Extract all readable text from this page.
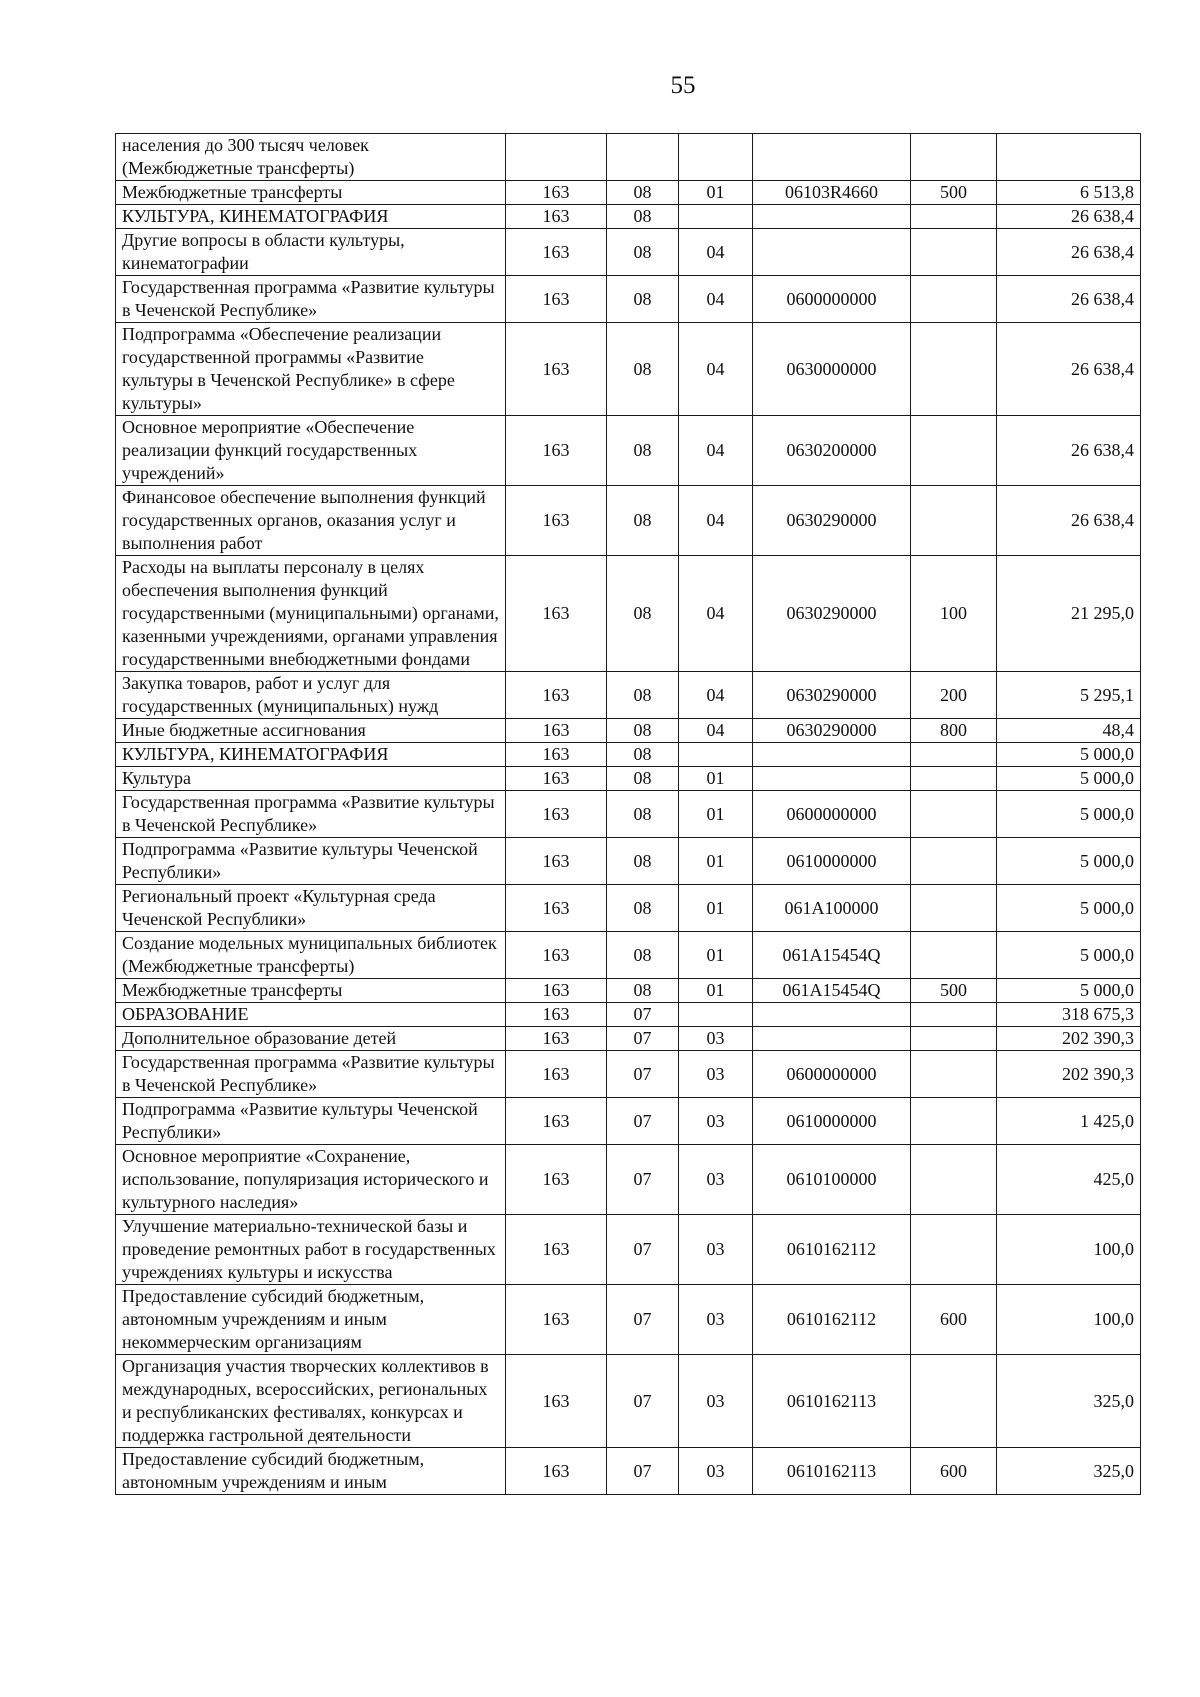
55
населения до 300 тысяч человек (Межбюджетные трансферты)						
Межбюджетные трансферты	163	08	01	06103R4660	500	6 513,8
КУЛЬТУРА, КИНЕМАТОГРАФИЯ	163	08				26 638,4
Другие вопросы в области культуры, кинематографии	163	08	04			26 638,4
Государственная программа «Развитие культуры в Чеченской Республике»	163	08	04	0600000000		26 638,4
Подпрограмма «Обеспечение реализации государственной программы «Развитие культуры в Чеченской Республике» в сфере культуры»	163	08	04	0630000000		26 638,4
Основное мероприятие «Обеспечение реализации функций государственных учреждений»	163	08	04	0630200000		26 638,4
Финансовое обеспечение выполнения функций государственных органов, оказания услуг и выполнения работ	163	08	04	0630290000		26 638,4
Расходы на выплаты персоналу в целях обеспечения выполнения функций государственными (муниципальными) органами, казенными учреждениями, органами управления государственными внебюджетными фондами	163	08	04	0630290000	100	21 295,0
Закупка товаров, работ и услуг для государственных (муниципальных) нужд	163	08	04	0630290000	200	5 295,1
Иные бюджетные ассигнования	163	08	04	0630290000	800	48,4
КУЛЬТУРА, КИНЕМАТОГРАФИЯ	163	08				5 000,0
Культура	163	08	01			5 000,0
Государственная программа «Развитие культуры в Чеченской Республике»	163	08	01	0600000000		5 000,0
Подпрограмма «Развитие культуры Чеченской Республики»	163	08	01	0610000000		5 000,0
Региональный проект «Культурная среда Чеченской Республики»	163	08	01	061A100000		5 000,0
Создание модельных муниципальных библиотек (Межбюджетные трансферты)	163	08	01	061A15454Q		5 000,0
Межбюджетные трансферты	163	08	01	061A15454Q	500	5 000,0
ОБРАЗОВАНИЕ	163	07				318 675,3
Дополнительное образование детей	163	07	03			202 390,3
Государственная программа «Развитие культуры в Чеченской Республике»	163	07	03	0600000000		202 390,3
Подпрограмма «Развитие культуры Чеченской Республики»	163	07	03	0610000000		1 425,0
Основное мероприятие «Сохранение, использование, популяризация исторического и культурного наследия»	163	07	03	0610100000		425,0
Улучшение материально-технической базы и проведение ремонтных работ в государственных учреждениях культуры и искусства	163	07	03	0610162112		100,0
Предоставление субсидий бюджетным, автономным учреждениям и иным некоммерческим организациям	163	07	03	0610162112	600	100,0
Организация участия творческих коллективов в международных, всероссийских, региональных и республиканских фестивалях, конкурсах и поддержка гастрольной деятельности	163	07	03	0610162113		325,0
Предоставление субсидий бюджетным, автономным учреждениям и иным	163	07	03	0610162113	600	325,0
